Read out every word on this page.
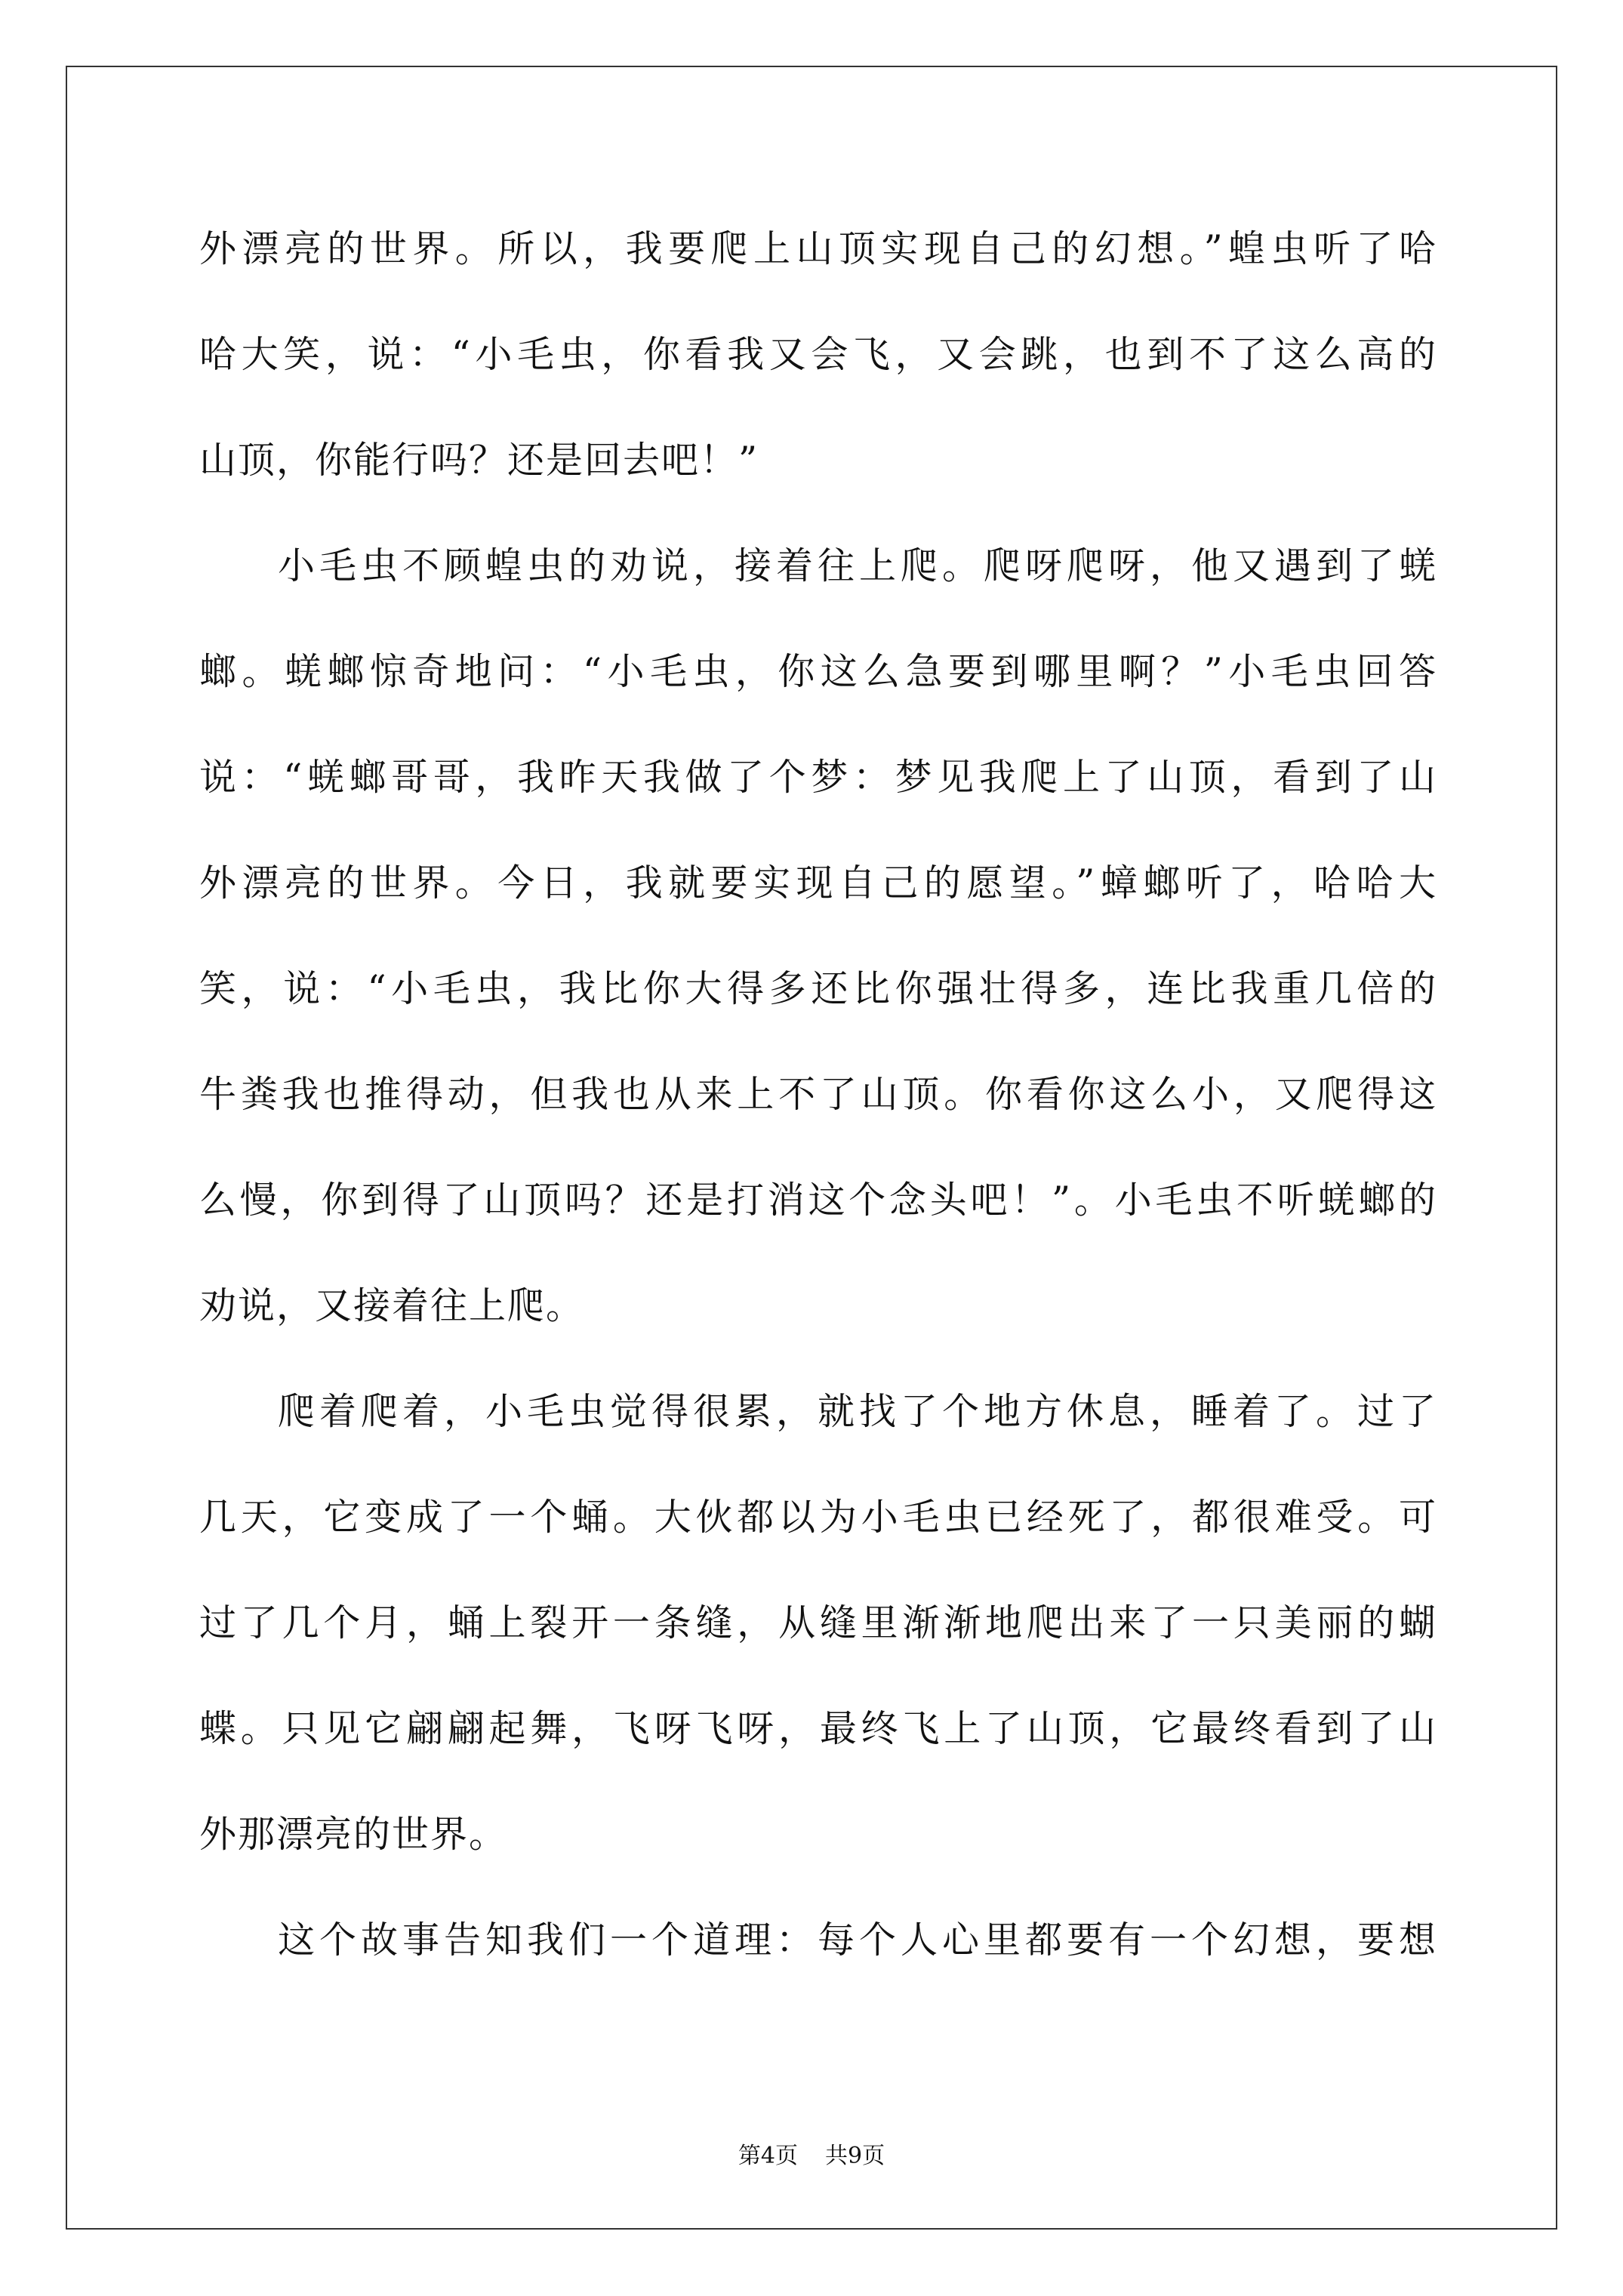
外漂亮的世界。所以，我要爬上山顶实现自己的幻想。”蝗虫听了哈
哈大笑，说：“小毛虫，你看我又会飞，又会跳，也到不了这么高的
山顶，你能行吗？还是回去吧！”
小毛虫不顾蝗虫的劝说，接着往上爬。爬呀爬呀，他又遇到了蜣
螂。蜣螂惊奇地问：“小毛虫，你这么急要到哪里啊？”小毛虫回答
说：“蜣螂哥哥，我昨天我做了个梦：梦见我爬上了山顶，看到了山
外漂亮的世界。今日，我就要实现自己的愿望。”蟑螂听了，哈哈大
笑，说：“小毛虫，我比你大得多还比你强壮得多，连比我重几倍的
牛粪我也推得动，但我也从来上不了山顶。你看你这么小，又爬得这
么慢，你到得了山顶吗？还是打消这个念头吧！”。小毛虫不听蜣螂的
劝说，又接着往上爬。
爬着爬着，小毛虫觉得很累，就找了个地方休息，睡着了。过了
几天，它变成了一个蛹。大伙都以为小毛虫已经死了，都很难受。可
过了几个月，蛹上裂开一条缝，从缝里渐渐地爬出来了一只美丽的蝴
蝶。只见它翩翩起舞，飞呀飞呀，最终飞上了山顶，它最终看到了山
外那漂亮的世界。
这个故事告知我们一个道理：每个人心里都要有一个幻想，要想
第4页 共9页
